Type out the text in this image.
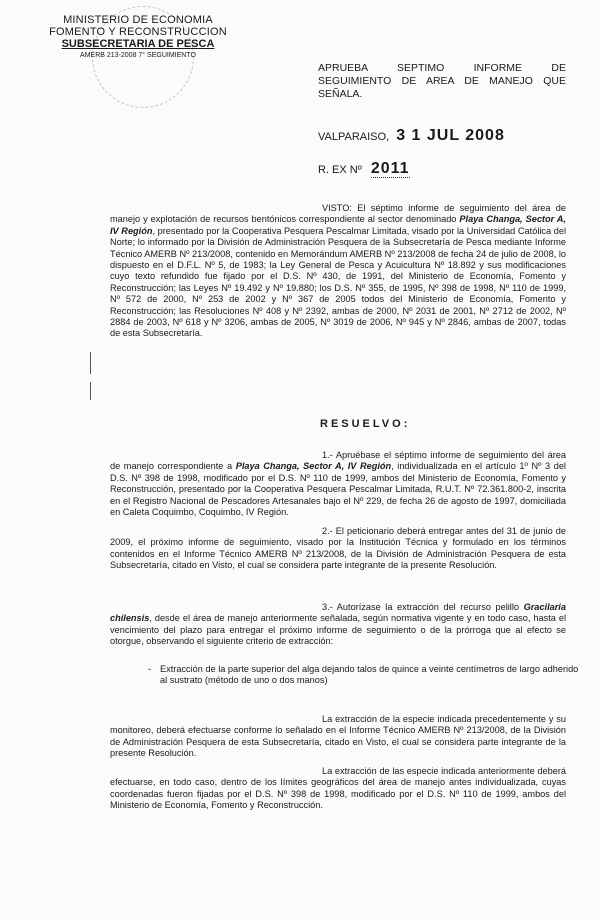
MINISTERIO DE ECONOMIA
FOMENTO Y RECONSTRUCCION
SUBSECRETARIA DE PESCA
AMERB 213-2008 7° SEGUIMIENTO
APRUEBA SEPTIMO INFORME DE SEGUIMIENTO DE AREA DE MANEJO QUE SEÑALA.
VALPARAISO, 3 1 JUL 2008
R. EX Nº 2011
VISTO: El séptimo informe de seguimiento del área de manejo y explotación de recursos bentónicos correspondiente al sector denominado Playa Changa, Sector A, IV Región, presentado por la Cooperativa Pesquera Pescalmar Limitada, visado por la Universidad Católica del Norte; lo informado por la División de Administración Pesquera de la Subsecretaría de Pesca mediante Informe Técnico AMERB Nº 213/2008, contenido en Memorándum AMERB Nº 213/2008 de fecha 24 de julio de 2008, lo dispuesto en el D.F.L. Nº 5, de 1983; la Ley General de Pesca y Acuicultura Nº 18.892 y sus modificaciones cuyo texto refundido fue fijado por el D.S. Nº 430, de 1991, del Ministerio de Economía, Fomento y Reconstrucción; las Leyes Nº 19.492 y Nº 19.880; los D.S. Nº 355, de 1995, Nº 398 de 1998, Nº 110 de 1999, Nº 572 de 2000, Nº 253 de 2002 y Nº 367 de 2005 todos del Ministerio de Economía, Fomento y Reconstrucción; las Resoluciones Nº 408 y Nº 2392, ambas de 2000, Nº 2031 de 2001, Nº 2712 de 2002, Nº 2884 de 2003, Nº 618 y Nº 3206, ambas de 2005, Nº 3019 de 2006, Nº 945 y Nº 2846, ambas de 2007, todas de esta Subsecretaría.
RESUELVO:
1.- Apruébase el séptimo informe de seguimiento del área de manejo correspondiente a Playa Changa, Sector A, IV Región, individualizada en el artículo 1º Nº 3 del D.S. Nº 398 de 1998, modificado por el D.S. Nº 110 de 1999, ambos del Ministerio de Economía, Fomento y Reconstrucción, presentado por la Cooperativa Pesquera Pescalmar Limitada, R.U.T. Nº 72.361.800-2, inscrita en el Registro Nacional de Pescadores Artesanales bajo el Nº 229, de fecha 26 de agosto de 1997, domiciliada en Caleta Coquimbo, Coquimbo, IV Región.
2.- El peticionario deberá entregar antes del 31 de junio de 2009, el próximo informe de seguimiento, visado por la Institución Técnica y formulado en los términos contenidos en el Informe Técnico AMERB Nº 213/2008, de la División de Administración Pesquera de esta Subsecretaría, citado en Visto, el cual se considera parte integrante de la presente Resolución.
3.- Autorízase la extracción del recurso pelillo Gracilaria chilensis, desde el área de manejo anteriormente señalada, según normativa vigente y en todo caso, hasta el vencimiento del plazo para entregar el próximo informe de seguimiento o de la prórroga que al efecto se otorgue, observando el siguiente criterio de extracción:
- Extracción de la parte superior del alga dejando talos de quince a veinte centímetros de largo adherido al sustrato (método de uno o dos manos)
La extracción de la especie indicada precedentemente y su monitoreo, deberá efectuarse conforme lo señalado en el Informe Técnico AMERB Nº 213/2008, de la División de Administración Pesquera de esta Subsecretaría, citado en Visto, el cual se considera parte integrante de la presente Resolución.
La extracción de las especie indicada anteriormente deberá efectuarse, en todo caso, dentro de los límites geográficos del área de manejo antes individualizada, cuyas coordenadas fueron fijadas por el D.S. Nº 398 de 1998, modificado por el D.S. Nº 110 de 1999, ambos del Ministerio de Economía, Fomento y Reconstrucción.
